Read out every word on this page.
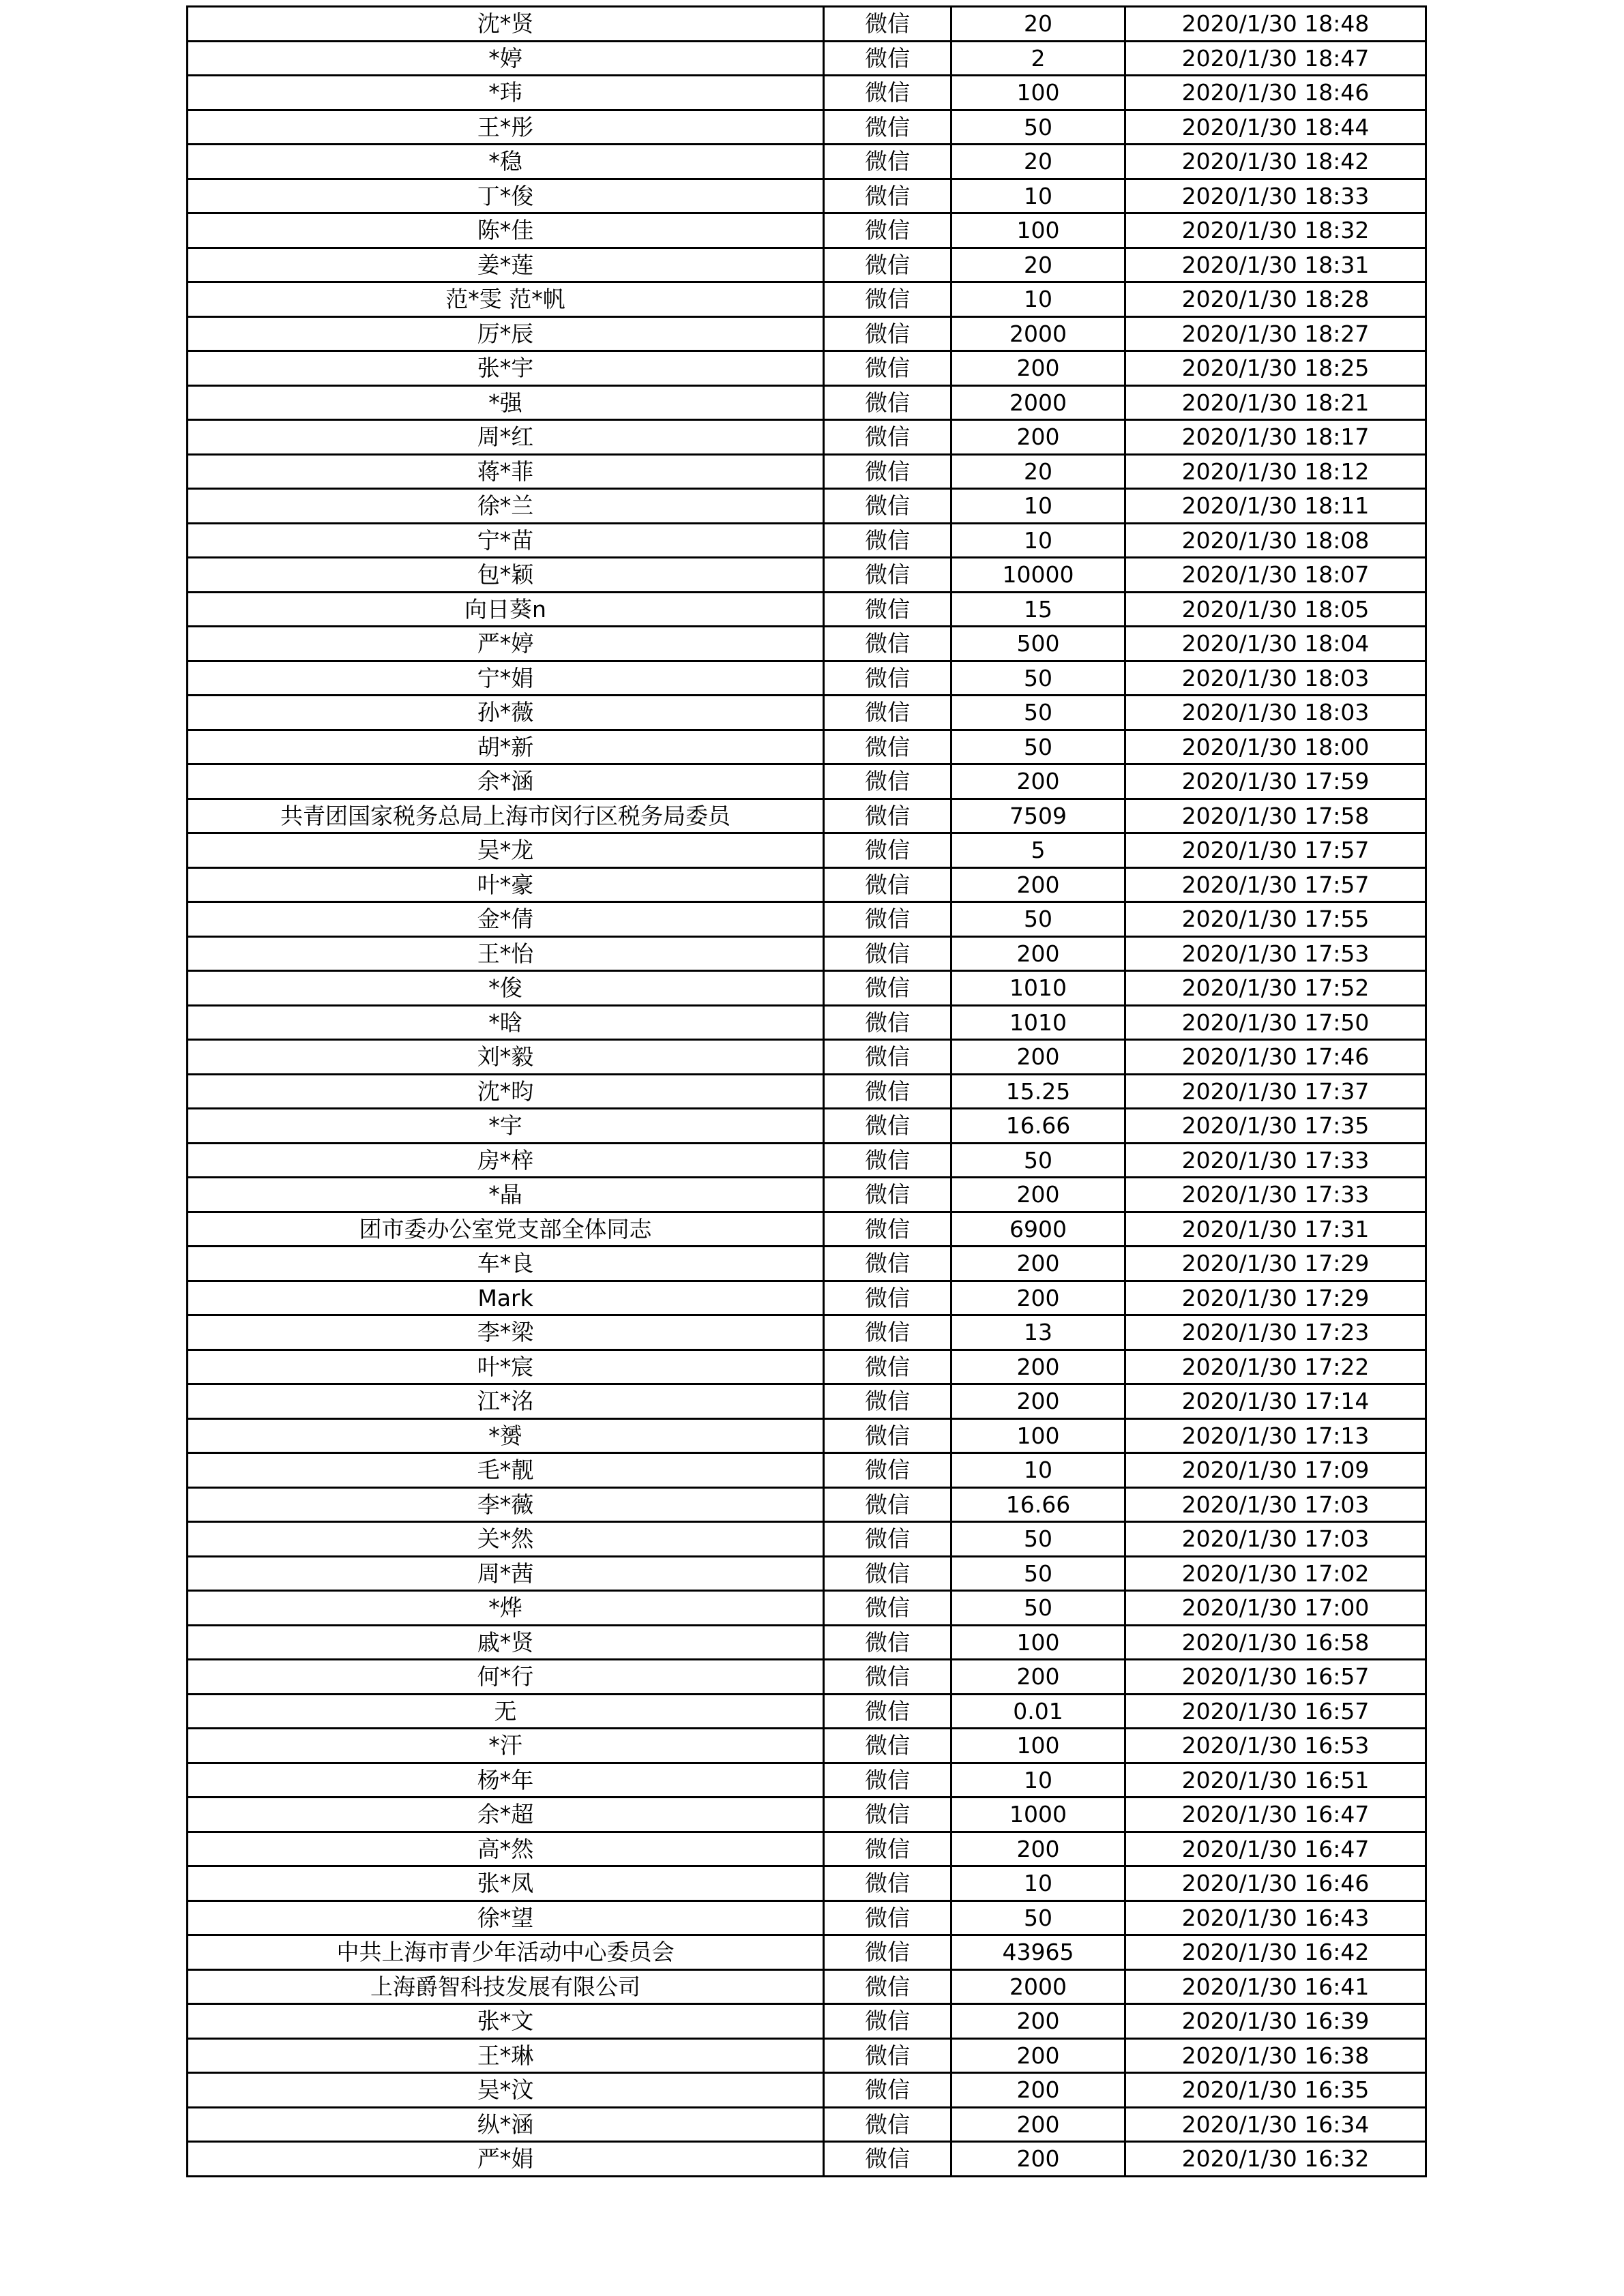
沈*贤	微信	20	2020/1/30 18:48
*婷	微信	2	2020/1/30 18:47
*玮	微信	100	2020/1/30 18:46
王*彤	微信	50	2020/1/30 18:44
*稳	微信	20	2020/1/30 18:42
丁*俊	微信	10	2020/1/30 18:33
陈*佳	微信	100	2020/1/30 18:32
姜*莲	微信	20	2020/1/30 18:31
范*雯 范*帆	微信	10	2020/1/30 18:28
厉*辰	微信	2000	2020/1/30 18:27
张*宇	微信	200	2020/1/30 18:25
*强	微信	2000	2020/1/30 18:21
周*红	微信	200	2020/1/30 18:17
蒋*菲	微信	20	2020/1/30 18:12
徐*兰	微信	10	2020/1/30 18:11
宁*苗	微信	10	2020/1/30 18:08
包*颖	微信	10000	2020/1/30 18:07
向日葵n	微信	15	2020/1/30 18:05
严*婷	微信	500	2020/1/30 18:04
宁*娟	微信	50	2020/1/30 18:03
孙*薇	微信	50	2020/1/30 18:03
胡*新	微信	50	2020/1/30 18:00
余*涵	微信	200	2020/1/30 17:59
共青团国家税务总局上海市闵行区税务局委员	微信	7509	2020/1/30 17:58
吴*龙	微信	5	2020/1/30 17:57
叶*豪	微信	200	2020/1/30 17:57
金*倩	微信	50	2020/1/30 17:55
王*怡	微信	200	2020/1/30 17:53
*俊	微信	1010	2020/1/30 17:52
*晗	微信	1010	2020/1/30 17:50
刘*毅	微信	200	2020/1/30 17:46
沈*昀	微信	15.25	2020/1/30 17:37
*宇	微信	16.66	2020/1/30 17:35
房*梓	微信	50	2020/1/30 17:33
*晶	微信	200	2020/1/30 17:33
团市委办公室党支部全体同志	微信	6900	2020/1/30 17:31
车*良	微信	200	2020/1/30 17:29
Mark	微信	200	2020/1/30 17:29
李*梁	微信	13	2020/1/30 17:23
叶*宸	微信	200	2020/1/30 17:22
江*洺	微信	200	2020/1/30 17:14
*赟	微信	100	2020/1/30 17:13
毛*靓	微信	10	2020/1/30 17:09
李*薇	微信	16.66	2020/1/30 17:03
关*然	微信	50	2020/1/30 17:03
周*茜	微信	50	2020/1/30 17:02
*烨	微信	50	2020/1/30 17:00
戚*贤	微信	100	2020/1/30 16:58
何*行	微信	200	2020/1/30 16:57
无	微信	0.01	2020/1/30 16:57
*汗	微信	100	2020/1/30 16:53
杨*年	微信	10	2020/1/30 16:51
余*超	微信	1000	2020/1/30 16:47
高*然	微信	200	2020/1/30 16:47
张*凤	微信	10	2020/1/30 16:46
徐*望	微信	50	2020/1/30 16:43
中共上海市青少年活动中心委员会	微信	43965	2020/1/30 16:42
上海爵智科技发展有限公司	微信	2000	2020/1/30 16:41
张*文	微信	200	2020/1/30 16:39
王*琳	微信	200	2020/1/30 16:38
吴*汶	微信	200	2020/1/30 16:35
纵*涵	微信	200	2020/1/30 16:34
严*娟	微信	200	2020/1/30 16:32
